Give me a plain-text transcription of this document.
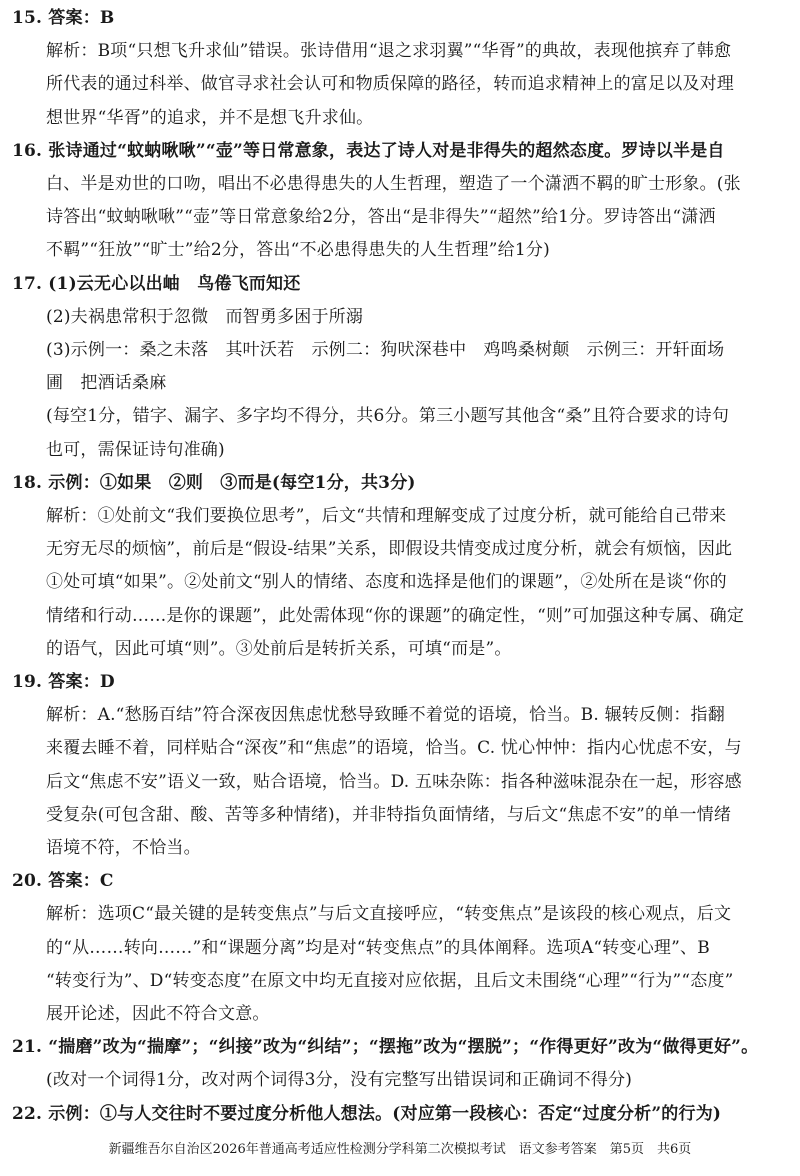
15. 答案：B
解析：B项“只想飞升求仙”错误。张诗借用“退之求羽翼”“华胥”的典故，表现他摈弃了韩愈
所代表的通过科举、做官寻求社会认可和物质保障的路径，转而追求精神上的富足以及对理
想世界“华胥”的追求，并不是想飞升求仙。
16. 张诗通过“蚊蚋啾啾”“壶”等日常意象，表达了诗人对是非得失的超然态度。罗诗以半是自
白、半是劝世的口吻，唱出不必患得患失的人生哲理，塑造了一个潇洒不羁的旷士形象。(张
诗答出“蚊蚋啾啾”“壶”等日常意象给2分，答出“是非得失”“超然”给1分。罗诗答出“潇洒
不羁”“狂放”“旷士”给2分，答出“不必患得患失的人生哲理”给1分)
17. (1)云无心以出岫　鸟倦飞而知还
(2)夫祸患常积于忽微　而智勇多困于所溺
(3)示例一：桑之未落　其叶沃若　示例二：狗吠深巷中　鸡鸣桑树颠　示例三：开轩面场
圃　把酒话桑麻
(每空1分，错字、漏字、多字均不得分，共6分。第三小题写其他含“桑”且符合要求的诗句
也可，需保证诗句准确)
18. 示例：①如果　②则　③而是(每空1分，共3分)
解析：①处前文“我们要换位思考”，后文“共情和理解变成了过度分析，就可能给自己带来
无穷无尽的烦恼”，前后是“假设-结果”关系，即假设共情变成过度分析，就会有烦恼，因此
①处可填“如果”。②处前文“别人的情绪、态度和选择是他们的课题”，②处所在是谈“你的
情绪和行动……是你的课题”，此处需体现“你的课题”的确定性，“则”可加强这种专属、确定
的语气，因此可填“则”。③处前后是转折关系，可填“而是”。
19. 答案：D
解析：A.“愁肠百结”符合深夜因焦虑忧愁导致睡不着觉的语境，恰当。B. 辗转反侧：指翻
来覆去睡不着，同样贴合“深夜”和“焦虑”的语境，恰当。C. 忧心忡忡：指内心忧虑不安，与
后文“焦虑不安”语义一致，贴合语境，恰当。D. 五味杂陈：指各种滋味混杂在一起，形容感
受复杂(可包含甜、酸、苦等多种情绪)，并非特指负面情绪，与后文“焦虑不安”的单一情绪
语境不符，不恰当。
20. 答案：C
解析：选项C“最关键的是转变焦点”与后文直接呼应，“转变焦点”是该段的核心观点，后文
的“从……转向……”和“课题分离”均是对“转变焦点”的具体阐释。选项A“转变心理”、B
“转变行为”、D“转变态度”在原文中均无直接对应依据，且后文未围绕“心理”“行为”“态度”
展开论述，因此不符合文意。
21. “揣磨”改为“揣摩”；“纠接”改为“纠结”；“摆拖”改为“摆脱”；“作得更好”改为“做得更好”。
(改对一个词得1分，改对两个词得3分，没有完整写出错误词和正确词不得分)
22. 示例：①与人交往时不要过度分析他人想法。(对应第一段核心：否定“过度分析”的行为)
新疆维吾尔自治区2026年普通高考适应性检测分学科第二次模拟考试　语文参考答案　第5页　共6页
